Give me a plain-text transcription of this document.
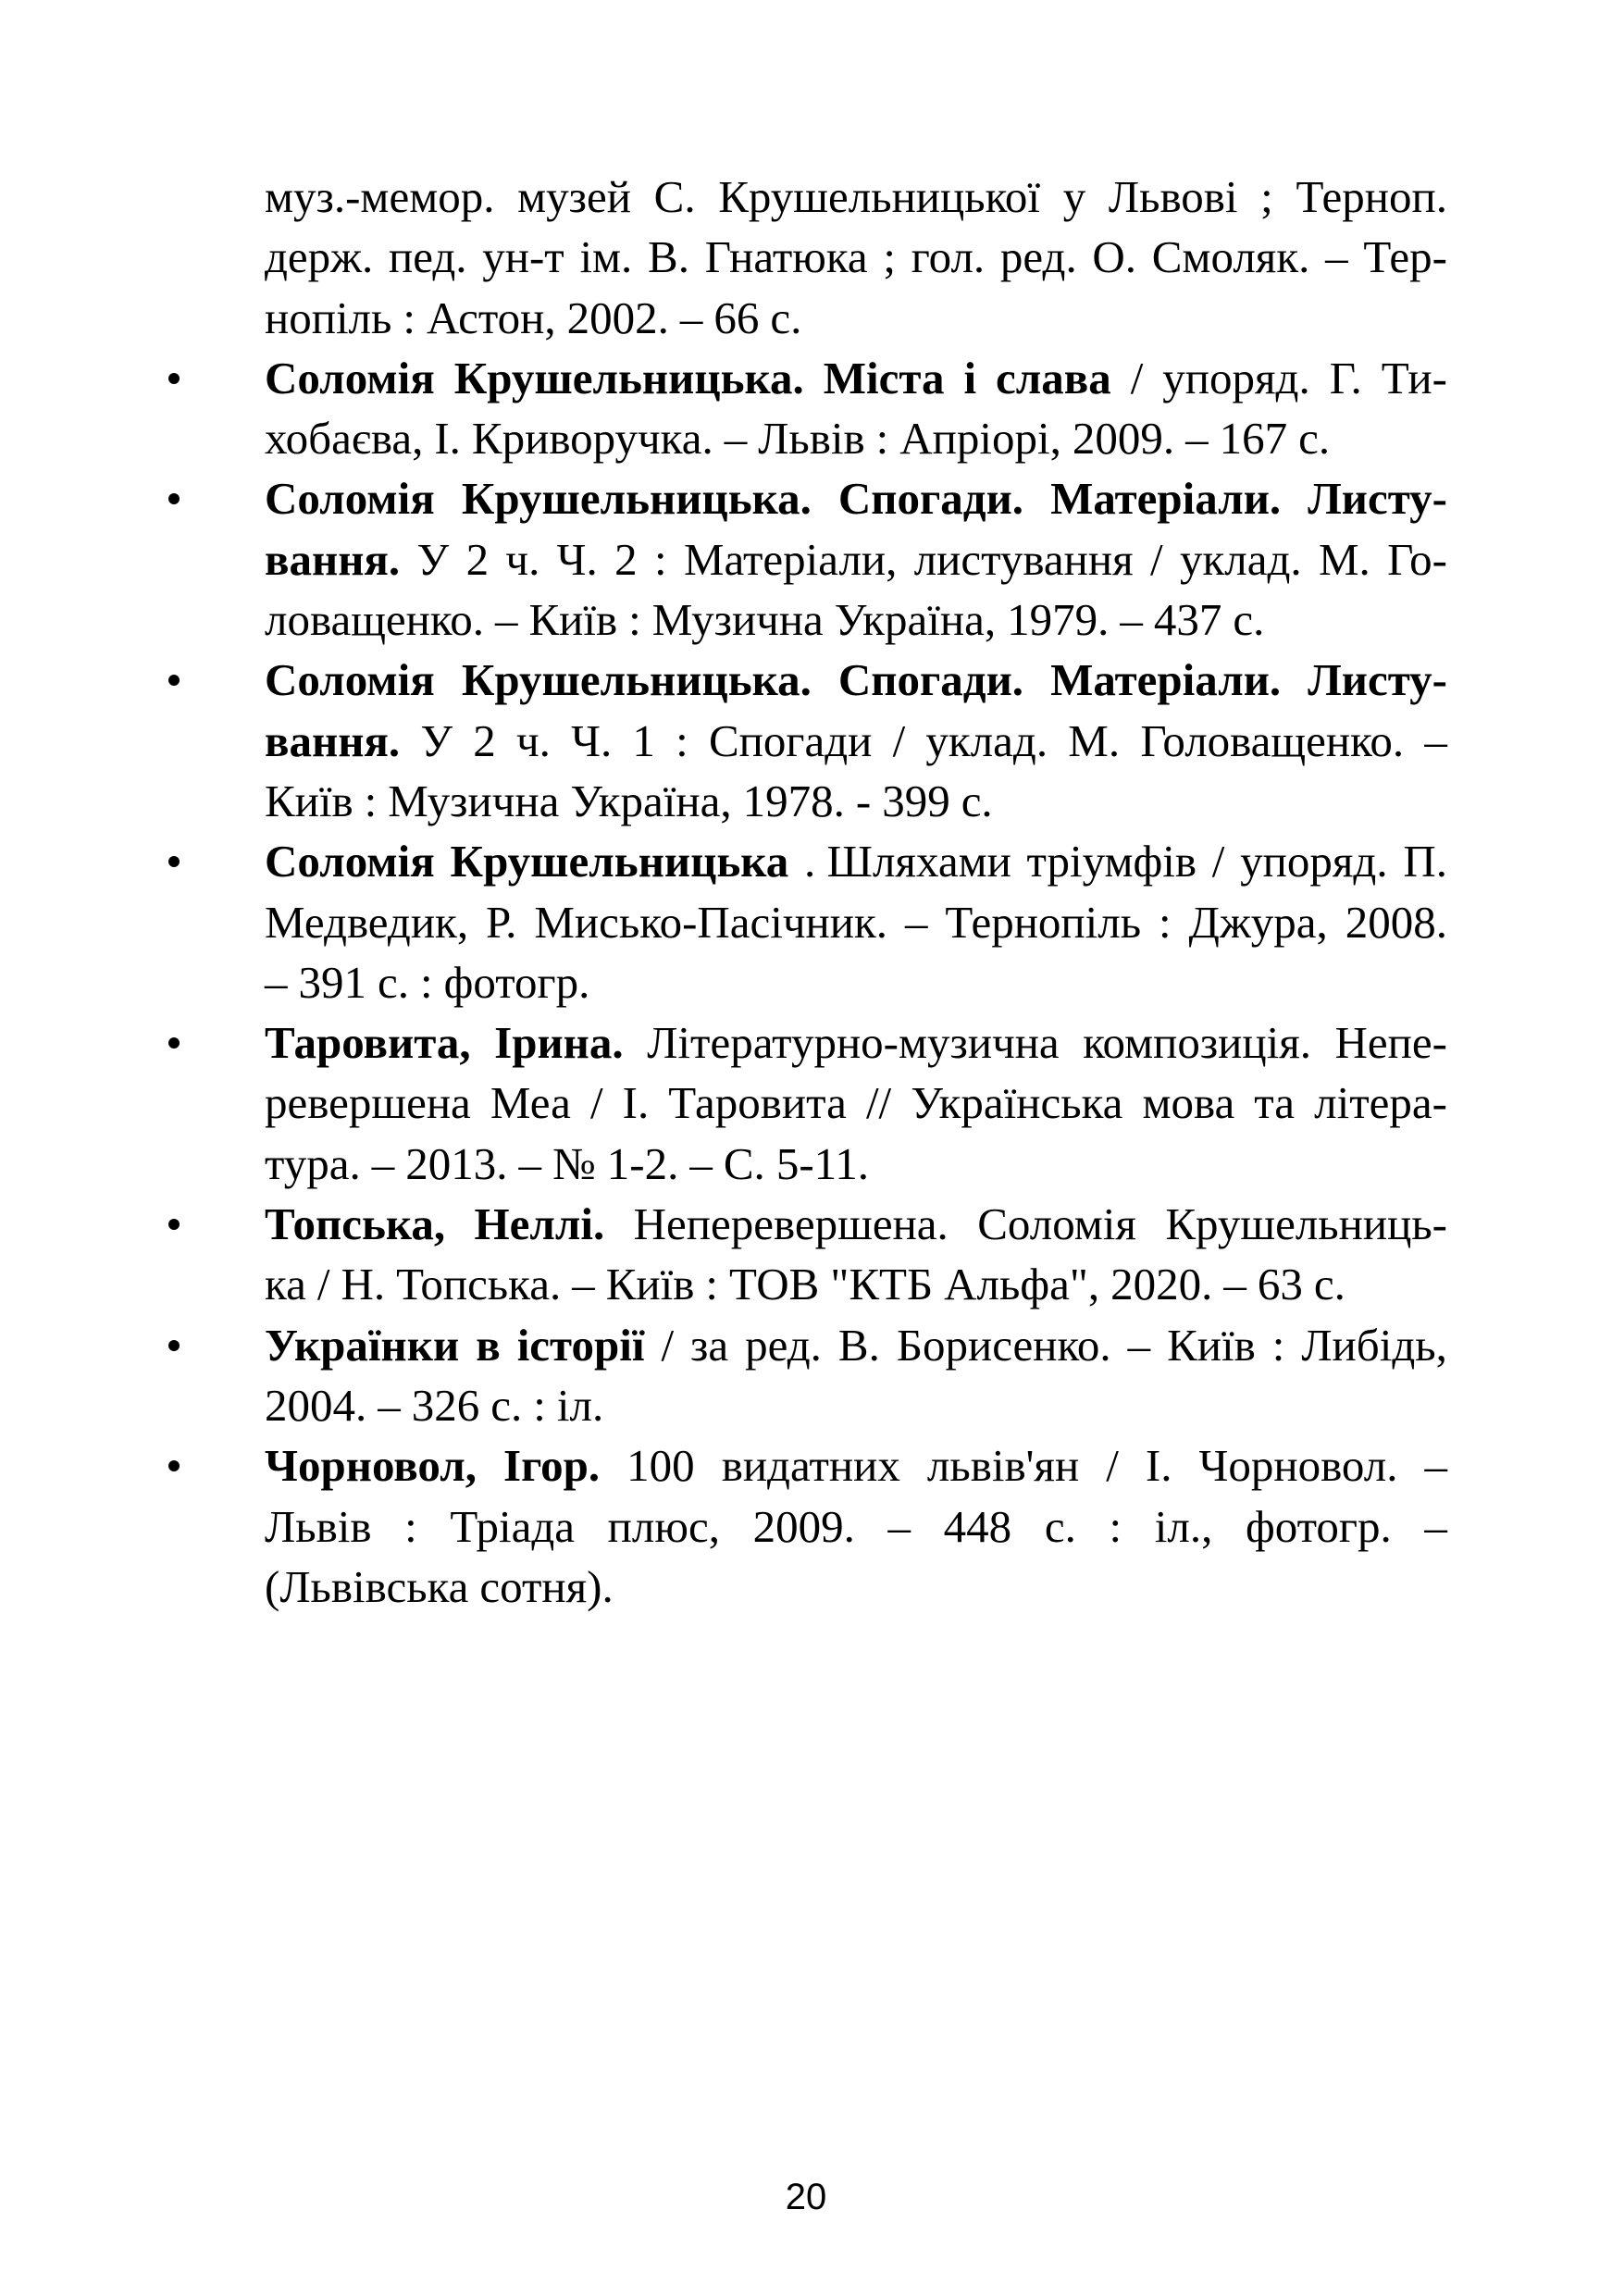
муз.-мемор. музей С. Крушельницької у Львові ; Терноп.
держ. пед. ун-т ім. В. Гнатюка ; гол. ред. О. Смоляк. – Тер-
нопіль : Астон, 2002. – 66 с.
Соломія Крушельницька. Міста і слава / упоряд. Г. Ти-
хобаєва, І. Криворучка. – Львів : Апріорі, 2009. – 167 с.
Соломія Крушельницька. Спогади. Матеріали. Листу-
вання. У 2 ч. Ч. 2 : Матеріали, листування / уклад. М. Го-
ловащенко. – Київ : Музична Україна, 1979. – 437 с.
Соломія Крушельницька. Спогади. Матеріали. Листу-
вання. У 2 ч. Ч. 1 : Спогади / уклад. М. Головащенко. –
Київ : Музична Україна, 1978. - 399 с.
Соломія Крушельницька . Шляхами тріумфів / упоряд. П.
Медведик, Р. Мисько-Пасічник. – Тернопіль : Джура, 2008.
– 391 с. : фотогр.
Таровита, Ірина. Літературно-музична композиція. Непе-
ревершена Меа / І. Таровита // Українська мова та літера-
тура. – 2013. – № 1-2. – С. 5-11.
Топська, Неллі. Неперевершена. Соломія Крушельниць-
ка / Н. Топська. – Київ : ТОВ "КТБ Альфа", 2020. – 63 с.
Українки в історії / за ред. В. Борисенко. – Київ : Либідь,
2004. – 326 с. : іл.
Чорновол, Ігор. 100 видатних львів'ян / І. Чорновол. –
Львів : Тріада плюс, 2009. – 448 с. : іл., фотогр. –
(Львівська сотня).
20
